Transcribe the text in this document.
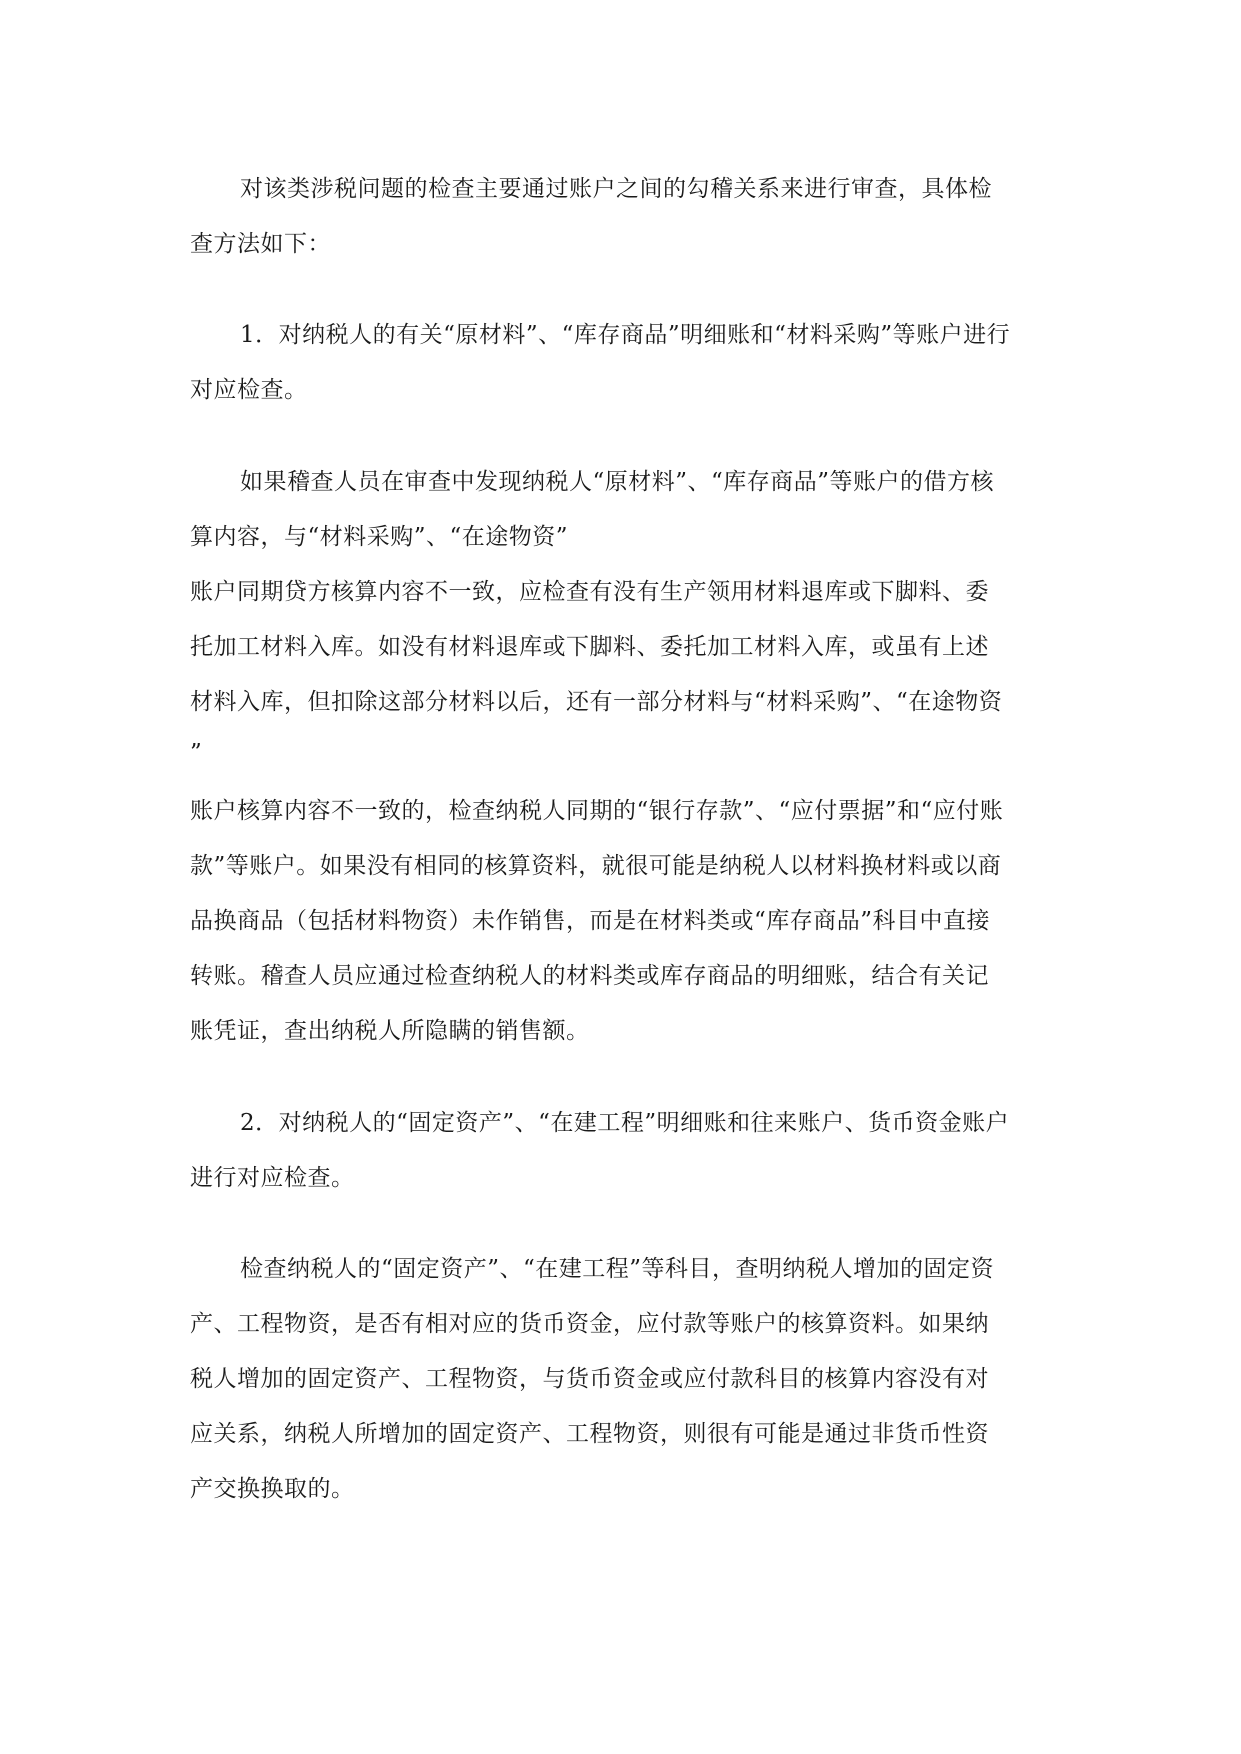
对该类涉税问题的检查主要通过账户之间的勾稽关系来进行审查，具体检
查方法如下：
1．对纳税人的有关“原材料”、“库存商品”明细账和“材料采购”等账户进行
对应检查。
如果稽查人员在审查中发现纳税人“原材料”、“库存商品”等账户的借方核
算内容，与“材料采购”、“在途物资”
账户同期贷方核算内容不一致，应检查有没有生产领用材料退库或下脚料、委
托加工材料入库。如没有材料退库或下脚料、委托加工材料入库，或虽有上述
材料入库，但扣除这部分材料以后，还有一部分材料与“材料采购”、“在途物资
”
账户核算内容不一致的，检查纳税人同期的“银行存款”、“应付票据”和“应付账
款”等账户。如果没有相同的核算资料，就很可能是纳税人以材料换材料或以商
品换商品（包括材料物资）未作销售，而是在材料类或“库存商品”科目中直接
转账。稽查人员应通过检查纳税人的材料类或库存商品的明细账，结合有关记
账凭证，查出纳税人所隐瞒的销售额。
2．对纳税人的“固定资产”、“在建工程”明细账和往来账户、货币资金账户
进行对应检查。
检查纳税人的“固定资产”、“在建工程”等科目，查明纳税人增加的固定资
产、工程物资，是否有相对应的货币资金，应付款等账户的核算资料。如果纳
税人增加的固定资产、工程物资，与货币资金或应付款科目的核算内容没有对
应关系，纳税人所增加的固定资产、工程物资，则很有可能是通过非货币性资
产交换换取的。
